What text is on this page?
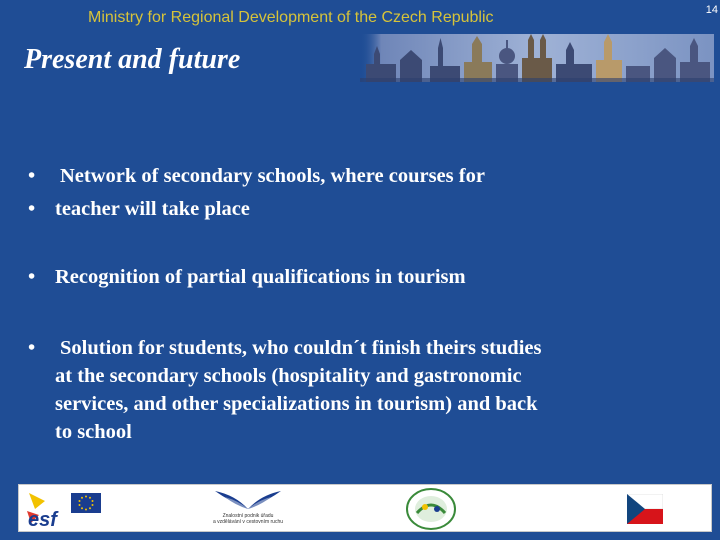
Ministry for Regional Development of the Czech Republic	14
Present and future
• Network of secondary schools, where courses for
• teacher will take place
• Recognition of partial qualifications in tourism
• Solution for students, who couldn´t finish theirs studies
at the secondary schools (hospitality and gastronomic
services, and other specializations in tourism) and back
to school
esf	Znalostní podnik úřadu
a vzdělávání v cestovním ruchu
